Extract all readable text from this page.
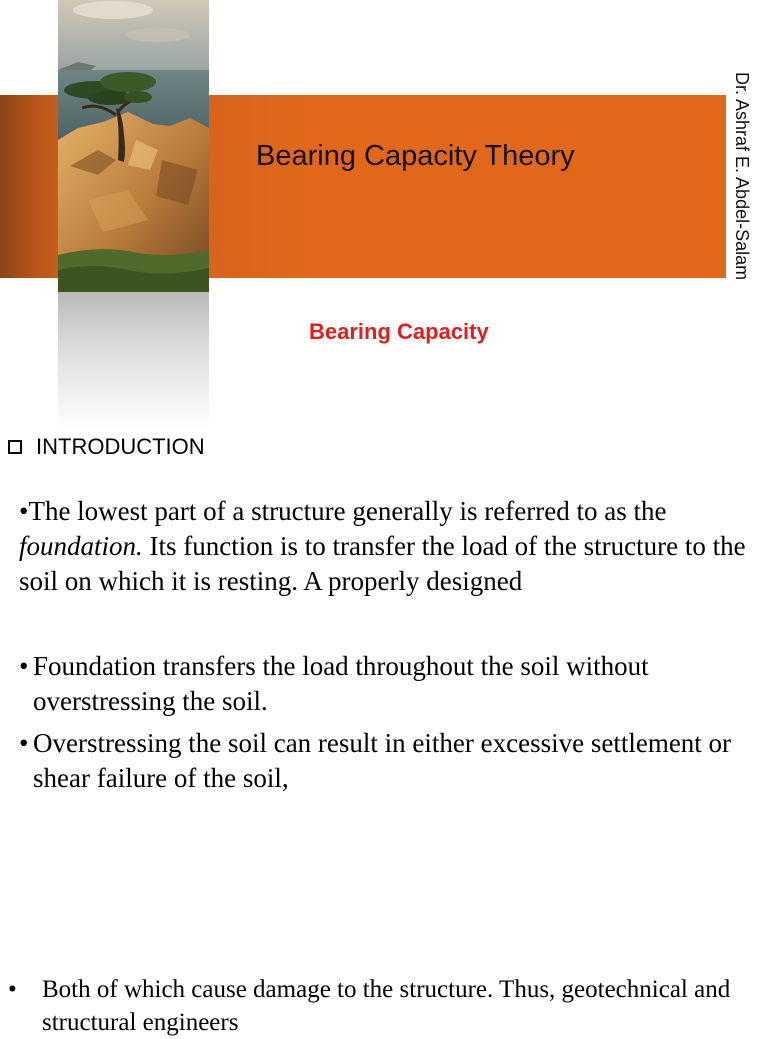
Bearing Capacity Theory	Dr. Ashraf E. Abdel-Salam
Bearing Capacity
INTRODUCTION
•The lowest part of a structure generally is referred to as the foundation. Its function is to transfer the load of the structure to the soil on which it is resting. A properly designed
• Foundation transfers the load throughout the soil without overstressing the soil.
• Overstressing the soil can result in either excessive settlement or shear failure of the soil,
•	Both of which cause damage to the structure. Thus, geotechnical and structural engineers
